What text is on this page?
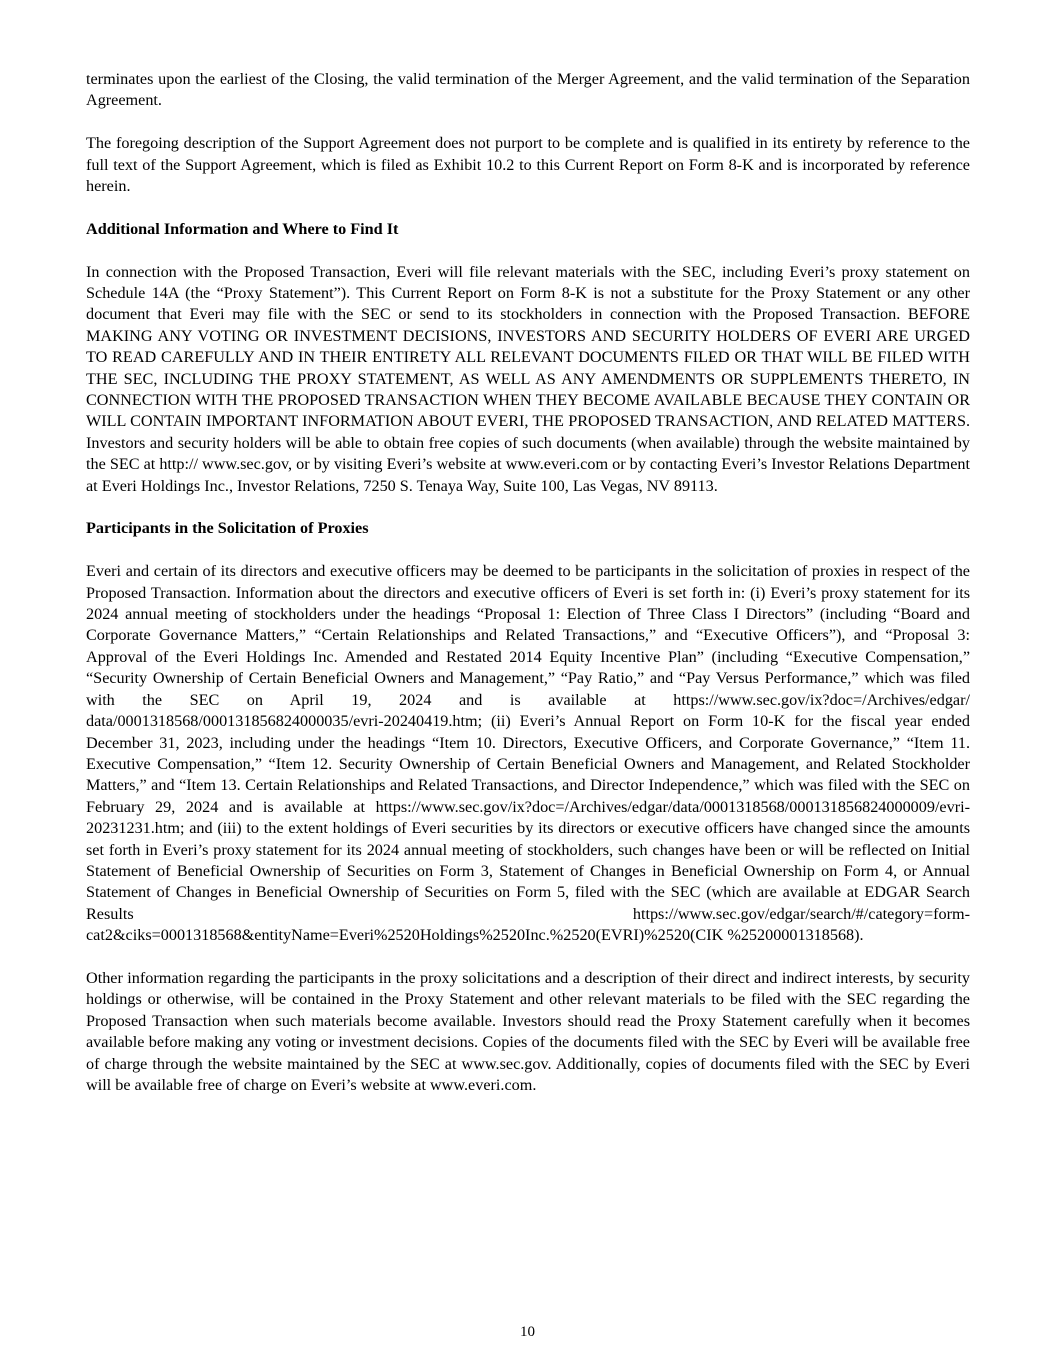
terminates upon the earliest of the Closing, the valid termination of the Merger Agreement, and the valid termination of the Separation Agreement.

The foregoing description of the Support Agreement does not purport to be complete and is qualified in its entirety by reference to the full text of the Support Agreement, which is filed as Exhibit 10.2 to this Current Report on Form 8-K and is incorporated by reference herein.

Additional Information and Where to Find It

In connection with the Proposed Transaction, Everi will file relevant materials with the SEC, including Everi’s proxy statement on Schedule 14A (the “Proxy Statement”). This Current Report on Form 8-K is not a substitute for the Proxy Statement or any other document that Everi may file with the SEC or send to its stockholders in connection with the Proposed Transaction. BEFORE MAKING ANY VOTING OR INVESTMENT DECISIONS, INVESTORS AND SECURITY HOLDERS OF EVERI ARE URGED TO READ CAREFULLY AND IN THEIR ENTIRETY ALL RELEVANT DOCUMENTS FILED OR THAT WILL BE FILED WITH THE SEC, INCLUDING THE PROXY STATEMENT, AS WELL AS ANY AMENDMENTS OR SUPPLEMENTS THERETO, IN CONNECTION WITH THE PROPOSED TRANSACTION WHEN THEY BECOME AVAILABLE BECAUSE THEY CONTAIN OR WILL CONTAIN IMPORTANT INFORMATION ABOUT EVERI, THE PROPOSED TRANSACTION, AND RELATED MATTERS. Investors and security holders will be able to obtain free copies of such documents (when available) through the website maintained by the SEC at http:// www.sec.gov, or by visiting Everi’s website at www.everi.com or by contacting Everi’s Investor Relations Department at Everi Holdings Inc., Investor Relations, 7250 S. Tenaya Way, Suite 100, Las Vegas, NV 89113.

Participants in the Solicitation of Proxies

Everi and certain of its directors and executive officers may be deemed to be participants in the solicitation of proxies in respect of the Proposed Transaction. Information about the directors and executive officers of Everi is set forth in: (i) Everi’s proxy statement for its 2024 annual meeting of stockholders under the headings “Proposal 1: Election of Three Class I Directors” (including “Board and Corporate Governance Matters,” “Certain Relationships and Related Transactions,” and “Executive Officers”), and “Proposal 3: Approval of the Everi Holdings Inc. Amended and Restated 2014 Equity Incentive Plan” (including “Executive Compensation,” “Security Ownership of Certain Beneficial Owners and Management,” “Pay Ratio,” and “Pay Versus Performance,” which was filed with the SEC on April 19, 2024 and is available at https://www.sec.gov/ix?doc=/Archives/edgar/ data/0001318568/000131856824000035/evri-20240419.htm; (ii) Everi’s Annual Report on Form 10-K for the fiscal year ended December 31, 2023, including under the headings “Item 10. Directors, Executive Officers, and Corporate Governance,” “Item 11. Executive Compensation,” “Item 12. Security Ownership of Certain Beneficial Owners and Management, and Related Stockholder Matters,” and “Item 13. Certain Relationships and Related Transactions, and Director Independence,” which was filed with the SEC on February 29, 2024 and is available at https://www.sec.gov/ix?doc=/Archives/edgar/data/0001318568/000131856824000009/evri-20231231.htm; and (iii) to the extent holdings of Everi securities by its directors or executive officers have changed since the amounts set forth in Everi’s proxy statement for its 2024 annual meeting of stockholders, such changes have been or will be reflected on Initial Statement of Beneficial Ownership of Securities on Form 3, Statement of Changes in Beneficial Ownership on Form 4, or Annual Statement of Changes in Beneficial Ownership of Securities on Form 5, filed with the SEC (which are available at EDGAR Search Results https://www.sec.gov/edgar/search/#/category=form-cat2&ciks=0001318568&entityName=Everi%2520Holdings%2520Inc.%2520(EVRI)%2520(CIK %25200001318568).

Other information regarding the participants in the proxy solicitations and a description of their direct and indirect interests, by security holdings or otherwise, will be contained in the Proxy Statement and other relevant materials to be filed with the SEC regarding the Proposed Transaction when such materials become available. Investors should read the Proxy Statement carefully when it becomes available before making any voting or investment decisions. Copies of the documents filed with the SEC by Everi will be available free of charge through the website maintained by the SEC at www.sec.gov. Additionally, copies of documents filed with the SEC by Everi will be available free of charge on Everi’s website at www.everi.com.

10
